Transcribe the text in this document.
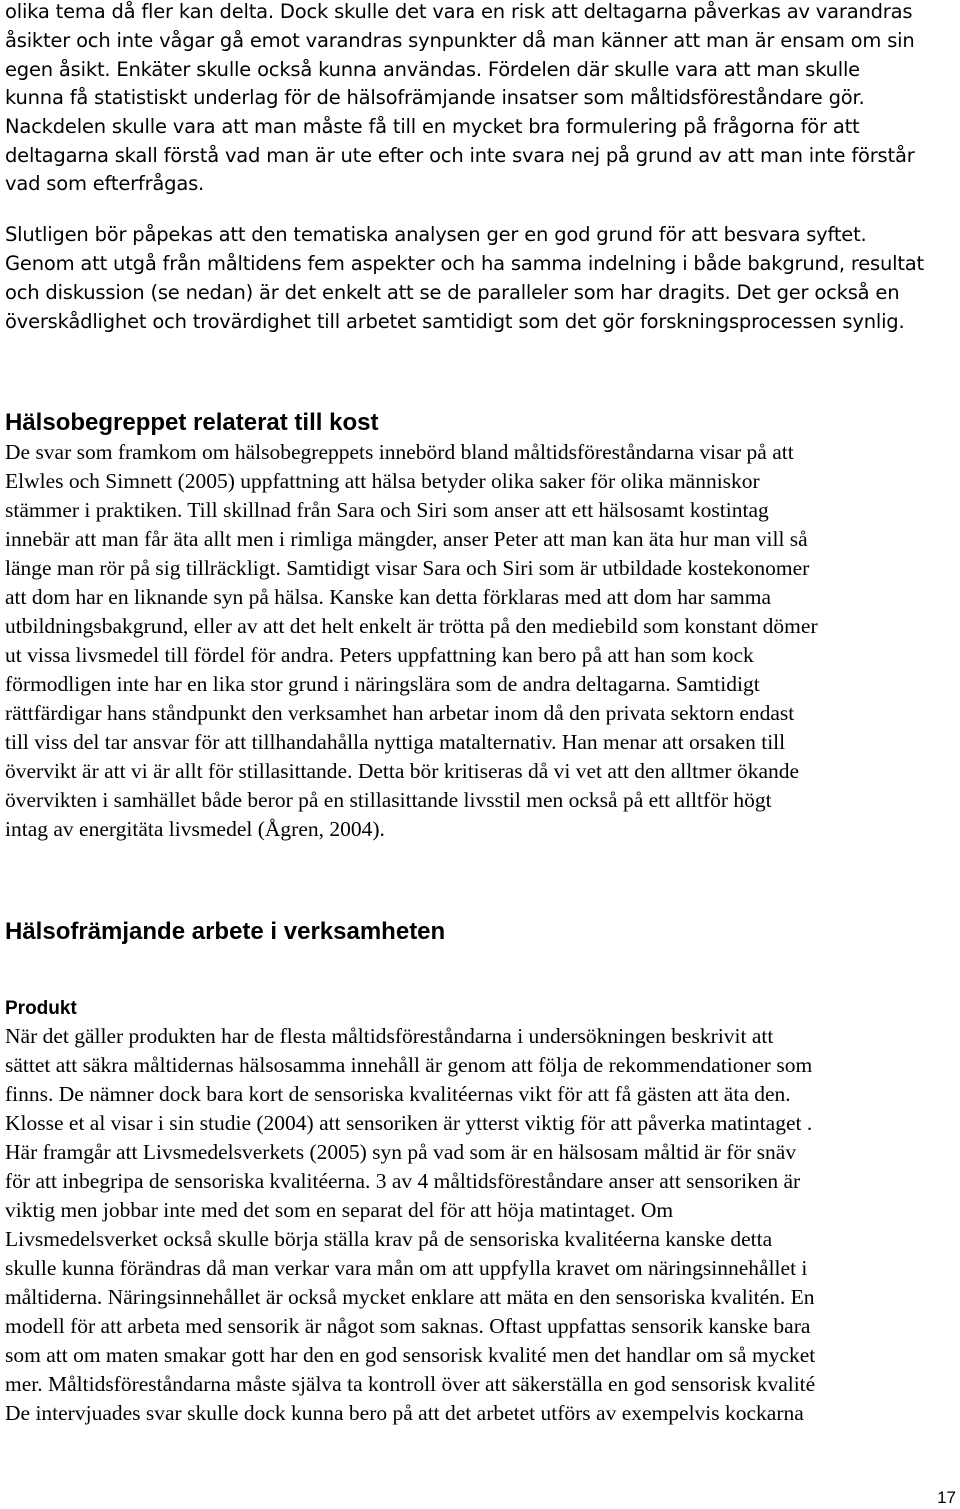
olika tema då fler kan delta. Dock skulle det vara en risk att deltagarna påverkas av varandras

åsikter och inte vågar gå emot varandras synpunkter då man känner att man är ensam om sin

egen åsikt. Enkäter skulle också kunna användas. Fördelen där skulle vara att man skulle

kunna få statistiskt underlag för de hälsofrämjande insatser som måltidsföreståndare gör.

Nackdelen skulle vara att man måste få till en mycket bra formulering på frågorna för att

deltagarna skall förstå vad man är ute efter och inte svara nej på grund av att man inte förstår

vad som efterfrågas.

Slutligen bör påpekas att den tematiska analysen ger en god grund för att besvara syftet.

Genom att utgå från måltidens fem aspekter och ha samma indelning i både bakgrund, resultat

och diskussion (se nedan) är det enkelt att se de paralleler som har dragits. Det ger också en

överskådlighet och trovärdighet till arbetet samtidigt som det gör forskningsprocessen synlig.

Hälsobegreppet relaterat till kost

De svar som framkom om hälsobegreppets innebörd bland måltidsföreståndarna visar på att

Elwles och Simnett (2005) uppfattning att hälsa betyder olika saker för olika människor

stämmer i praktiken. Till skillnad från Sara och Siri som anser att ett hälsosamt kostintag

innebär att man får äta allt men i rimliga mängder, anser Peter att man kan äta hur man vill så

länge man rör på sig tillräckligt. Samtidigt visar Sara och Siri som är utbildade kostekonomer

att dom har en liknande syn på hälsa. Kanske kan detta förklaras med att dom har samma

utbildningsbakgrund, eller av att det helt enkelt är trötta på den mediebild som konstant dömer

ut vissa livsmedel till fördel för andra. Peters uppfattning kan bero på att han som kock

förmodligen inte har en lika stor grund i näringslära som de andra deltagarna. Samtidigt

rättfärdigar hans ståndpunkt den verksamhet han arbetar inom då den privata sektorn endast

till viss del tar ansvar för att tillhandahålla nyttiga matalternativ. Han menar att orsaken till

övervikt är att vi är allt för stillasittande. Detta bör kritiseras då vi vet att den alltmer ökande

övervikten i samhället både beror på en stillasittande livsstil men också på ett alltför högt

intag av energitäta livsmedel (Ågren, 2004).

Hälsofrämjande arbete i verksamheten
Produkt

När det gäller produkten har de flesta måltidsföreståndarna i undersökningen beskrivit att

sättet att säkra måltidernas hälsosamma innehåll är genom att följa de rekommendationer som

finns. De nämner dock bara kort de sensoriska kvalitéernas vikt för att få gästen att äta den.

Klosse et al visar i sin studie (2004) att sensoriken är ytterst viktig för att påverka matintaget .

Här framgår att Livsmedelsverkets (2005) syn på vad som är en hälsosam måltid är för snäv

för att inbegripa de sensoriska kvalitéerna. 3 av 4 måltidsföreståndare anser att sensoriken är

viktig men jobbar inte med det som en separat del för att höja matintaget. Om

Livsmedelsverket också skulle börja ställa krav på de sensoriska kvalitéerna kanske detta

skulle kunna förändras då man verkar vara mån om att uppfylla kravet om näringsinnehållet i

måltiderna. Näringsinnehållet är också mycket enklare att mäta en den sensoriska kvalitén. En

modell för att arbeta med sensorik är något som saknas. Oftast uppfattas sensorik kanske bara

som att om maten smakar gott har den en god sensorisk kvalité men det handlar om så mycket

mer. Måltidsföreståndarna måste själva ta kontroll över att säkerställa en god sensorisk kvalité

De intervjuades svar skulle dock kunna bero på att det arbetet utförs av exempelvis kockarna

17
